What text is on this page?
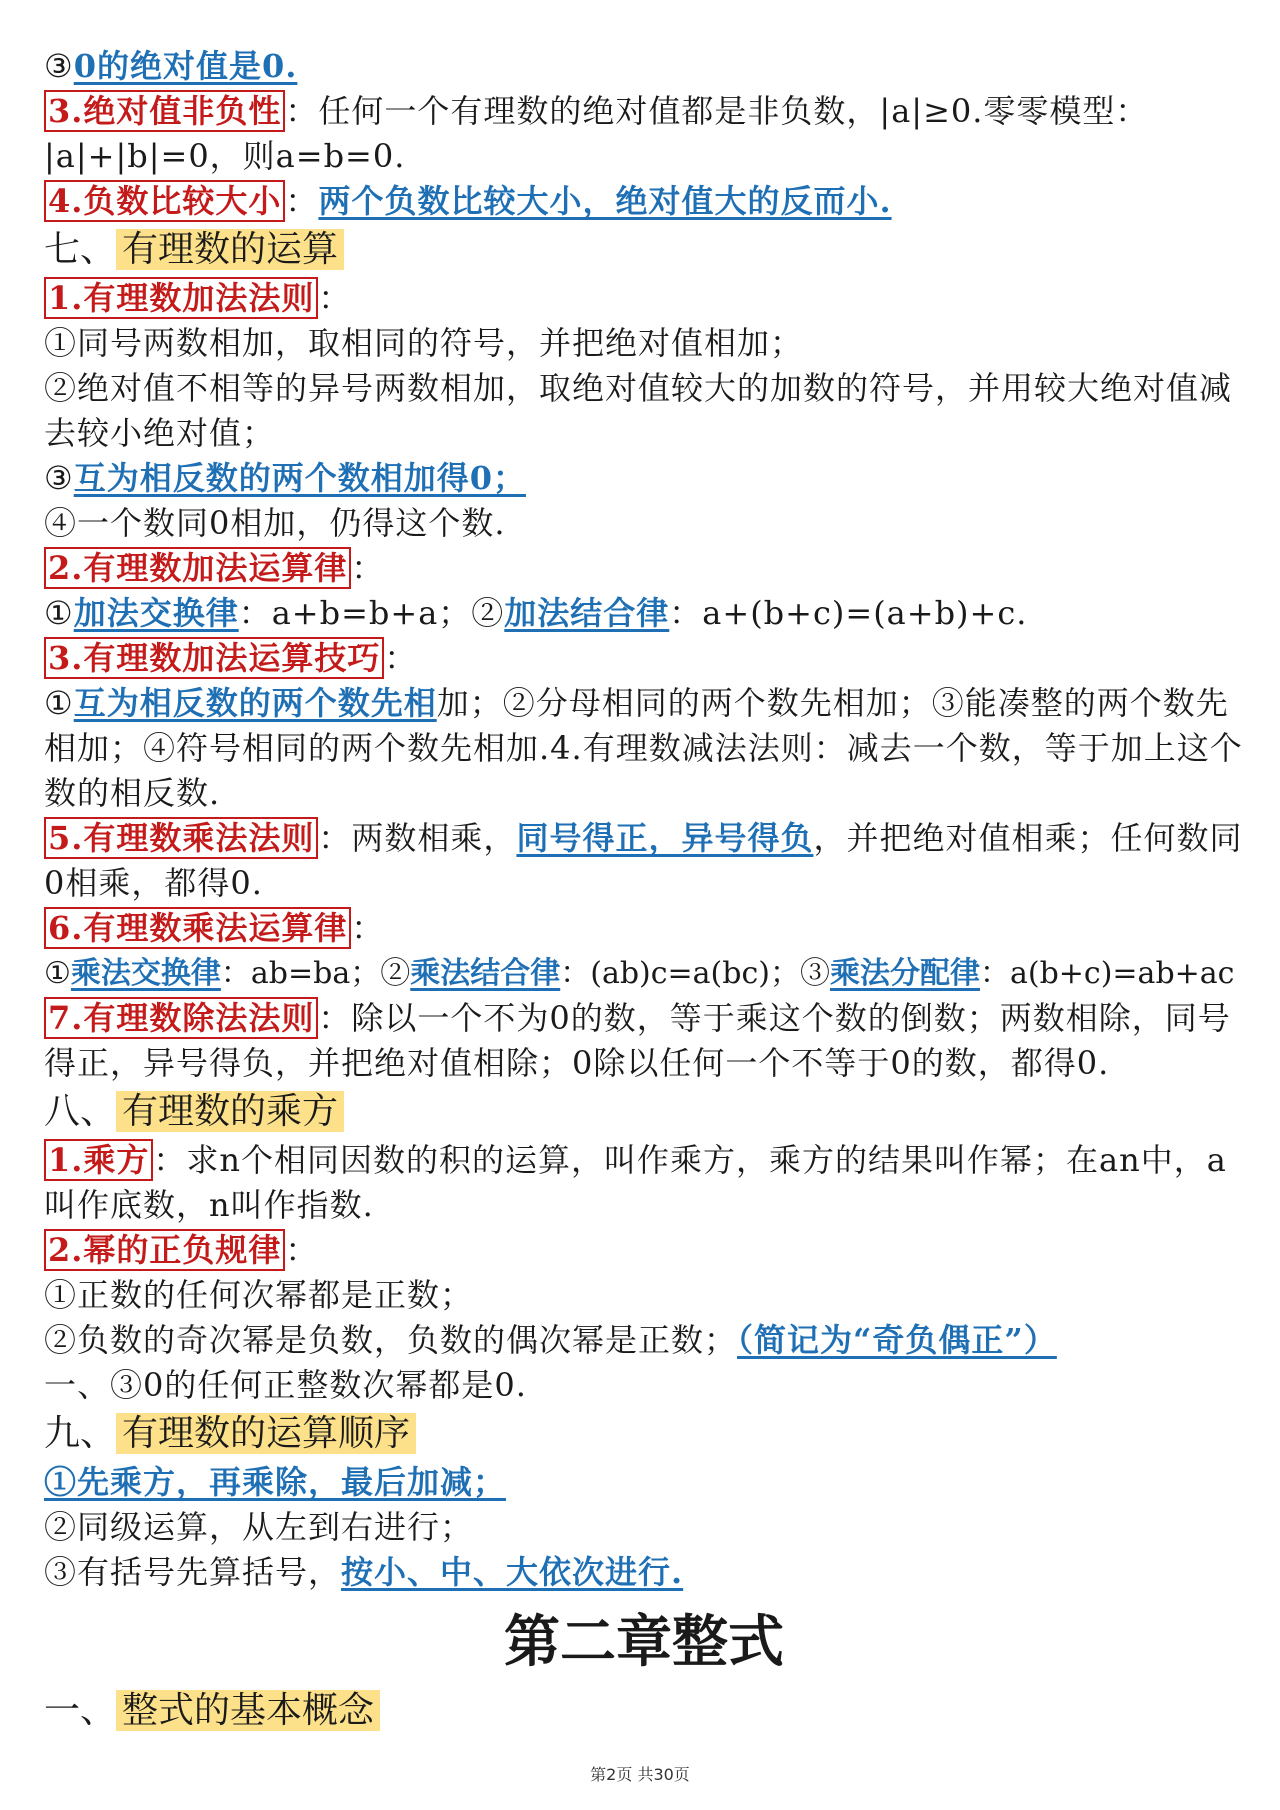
③0的绝对值是0.
3.绝对值非负性 ：任何一个有理数的绝对值都是非负数，|a|≥0.零零模型：
|a|+|b|=0，则a=b=0.
4.负数比较大小 ：两个负数比较大小，绝对值大的反而小.
七、 有理数的运算
1.有理数加法法则 ：
①同号两数相加，取相同的符号，并把绝对值相加；
②绝对值不相等的异号两数相加，取绝对值较大的加数的符号，并用较大绝对值减去较小绝对值；
③互为相反数的两个数相加得0；
④一个数同0相加，仍得这个数.
2.有理数加法运算律 ：
①加法交换律：a+b=b+a；②加法结合律：a+(b+c)=(a+b)+c.
3.有理数加法运算技巧 ：
①互为相反数的两个数先相加；②分母相同的两个数先相加；③能凑整的两个数先相加；④符号相同的两个数先相加.4.有理数减法法则：减去一个数，等于加上这个数的相反数.
5.有理数乘法法则 ：两数相乘，同号得正，异号得负，并把绝对值相乘；任何数同0相乘，都得0.
6.有理数乘法运算律 ：
①乘法交换律：ab=ba；②乘法结合律：(ab)c=a(bc)；③乘法分配律：a(b+c)=ab+ac
7.有理数除法法则 ：除以一个不为0的数，等于乘这个数的倒数；两数相除，同号得正，异号得负，并把绝对值相除；0除以任何一个不等于0的数，都得0.
八、 有理数的乘方
1.乘方 ：求n个相同因数的积的运算，叫作乘方，乘方的结果叫作幂；在an中，a叫作底数，n叫作指数.
2.幂的正负规律 ：
①正数的任何次幂都是正数；
②负数的奇次幂是负数，负数的偶次幂是正数；（简记为“奇负偶正”）
一、③0的任何正整数次幂都是0.
九、 有理数的运算顺序
①先乘方，再乘除，最后加减；
②同级运算，从左到右进行；
③有括号先算括号，按小、中、大依次进行.
第二章整式
一、 整式的基本概念
第2页 共30页
